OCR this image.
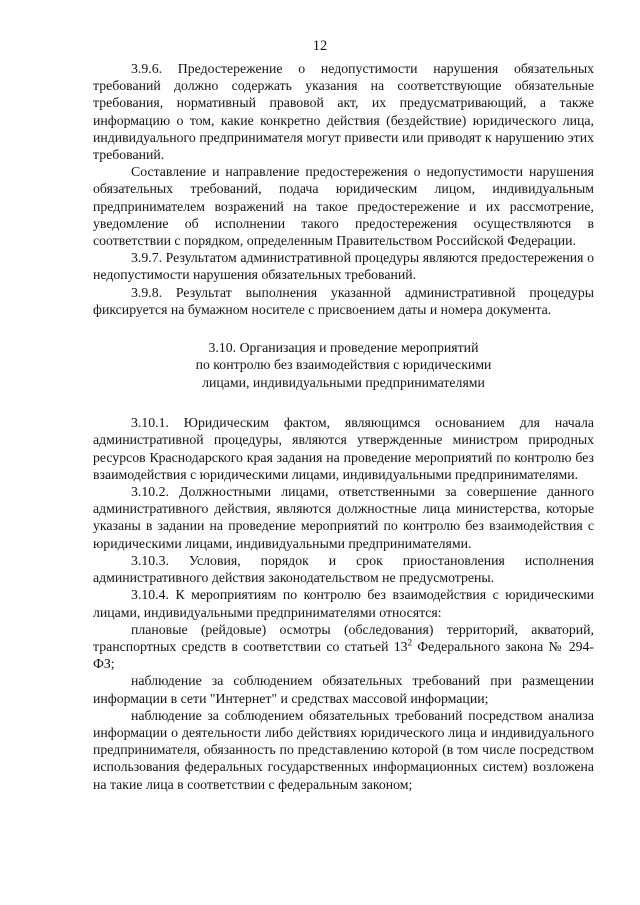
12

3.9.6. Предостережение о недопустимости нарушения обязательных требований должно содержать указания на соответствующие обязательные требования, нормативный правовой акт, их предусматривающий, а также информацию о том, какие конкретно действия (бездействие) юридического лица, индивидуального предпринимателя могут привести или приводят к нарушению этих требований.

Составление и направление предостережения о недопустимости нарушения обязательных требований, подача юридическим лицом, индивидуальным предпринимателем возражений на такое предостережение и их рассмотрение, уведомление об исполнении такого предостережения осуществляются в соответствии с порядком, определенным Правительством Российской Федерации.

3.9.7. Результатом административной процедуры являются предостережения о недопустимости нарушения обязательных требований.

3.9.8. Результат выполнения указанной административной процедуры фиксируется на бумажном носителе с присвоением даты и номера документа.

3.10. Организация и проведение мероприятий
по контролю без взаимодействия с юридическими
лицами, индивидуальными предпринимателями

3.10.1. Юридическим фактом, являющимся основанием для начала административной процедуры, являются утвержденные министром природных ресурсов Краснодарского края задания на проведение мероприятий по контролю без взаимодействия с юридическими лицами, индивидуальными предпринимателями.

3.10.2. Должностными лицами, ответственными за совершение данного административного действия, являются должностные лица министерства, которые указаны в задании на проведение мероприятий по контролю без взаимодействия с юридическими лицами, индивидуальными предпринимателями.

3.10.3. Условия, порядок и срок приостановления исполнения административного действия законодательством не предусмотрены.

3.10.4. К мероприятиям по контролю без взаимодействия с юридическими лицами, индивидуальными предпринимателями относятся:

плановые (рейдовые) осмотры (обследования) территорий, акваторий, транспортных средств в соответствии со статьей $13^2$ Федерального закона № 294-ФЗ;

наблюдение за соблюдением обязательных требований при размещении информации в сети "Интернет" и средствах массовой информации;

наблюдение за соблюдением обязательных требований посредством анализа информации о деятельности либо действиях юридического лица и индивидуального предпринимателя, обязанность по представлению которой (в том числе посредством использования федеральных государственных информационных систем) возложена на такие лица в соответствии с федеральным законом;
